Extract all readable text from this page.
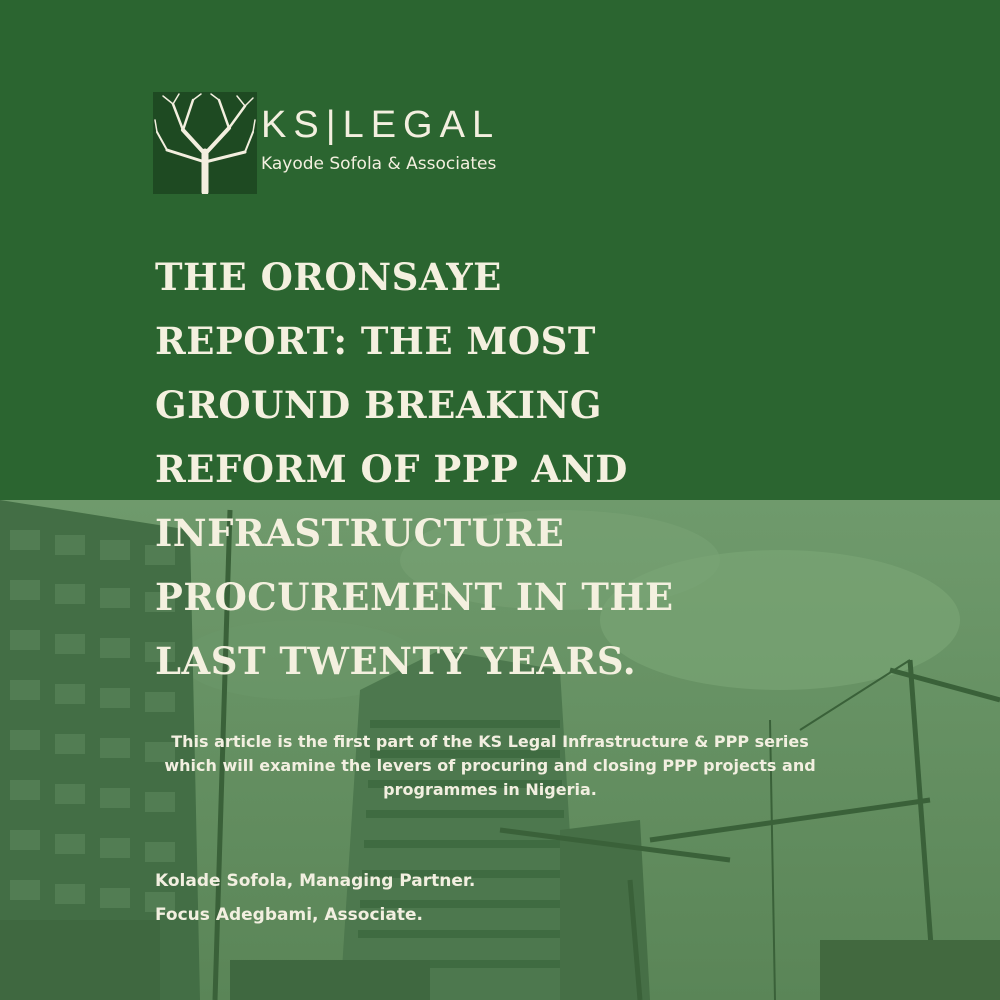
KS|LEGAL
Kayode Sofola & Associates
THE ORONSAYE
REPORT: THE MOST
GROUND BREAKING
REFORM OF PPP AND
INFRASTRUCTURE
PROCUREMENT IN THE
LAST TWENTY YEARS.

This article is the first part of the KS Legal Infrastructure & PPP series which will examine the levers of procuring and closing PPP projects and programmes in Nigeria.

Kolade Sofola, Managing Partner.
Focus Adegbami, Associate.
